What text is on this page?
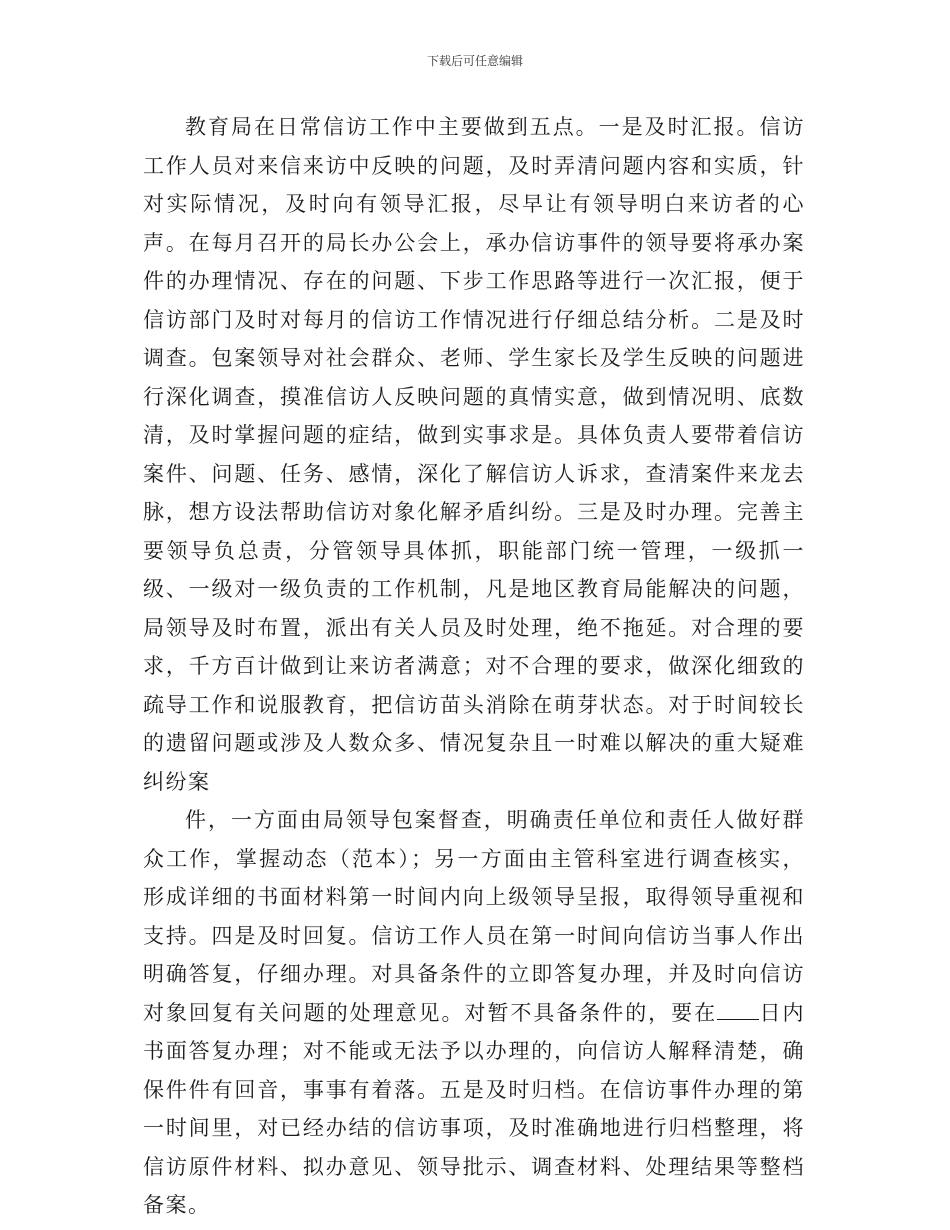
下载后可任意编辑

教育局在日常信访工作中主要做到五点。一是及时汇报。信访工作人员对来信来访中反映的问题，及时弄清问题内容和实质，针对实际情况，及时向有领导汇报，尽早让有领导明白来访者的心声。在每月召开的局长办公会上，承办信访事件的领导要将承办案件的办理情况、存在的问题、下步工作思路等进行一次汇报，便于信访部门及时对每月的信访工作情况进行仔细总结分析。二是及时调查。包案领导对社会群众、老师、学生家长及学生反映的问题进行深化调查，摸准信访人反映问题的真情实意，做到情况明、底数清，及时掌握问题的症结，做到实事求是。具体负责人要带着信访案件、问题、任务、感情，深化了解信访人诉求，查清案件来龙去脉，想方设法帮助信访对象化解矛盾纠纷。三是及时办理。完善主要领导负总责，分管领导具体抓，职能部门统一管理，一级抓一级、一级对一级负责的工作机制，凡是地区教育局能解决的问题，局领导及时布置，派出有关人员及时处理，绝不拖延。对合理的要求，千方百计做到让来访者满意；对不合理的要求，做深化细致的疏导工作和说服教育，把信访苗头消除在萌芽状态。对于时间较长的遗留问题或涉及人数众多、情况复杂且一时难以解决的重大疑难纠纷案

件，一方面由局领导包案督查，明确责任单位和责任人做好群众工作，掌握动态（范本）；另一方面由主管科室进行调查核实，形成详细的书面材料第一时间内向上级领导呈报，取得领导重视和支持。四是及时回复。信访工作人员在第一时间向信访当事人作出明确答复，仔细办理。对具备条件的立即答复办理，并及时向信访对象回复有关问题的处理意见。对暂不具备条件的，要在 日内书面答复办理；对不能或无法予以办理的，向信访人解释清楚，确保件件有回音，事事有着落。五是及时归档。在信访事件办理的第一时间里，对已经办结的信访事项，及时准确地进行归档整理，将信访原件材料、拟办意见、领导批示、调查材料、处理结果等整档备案。
